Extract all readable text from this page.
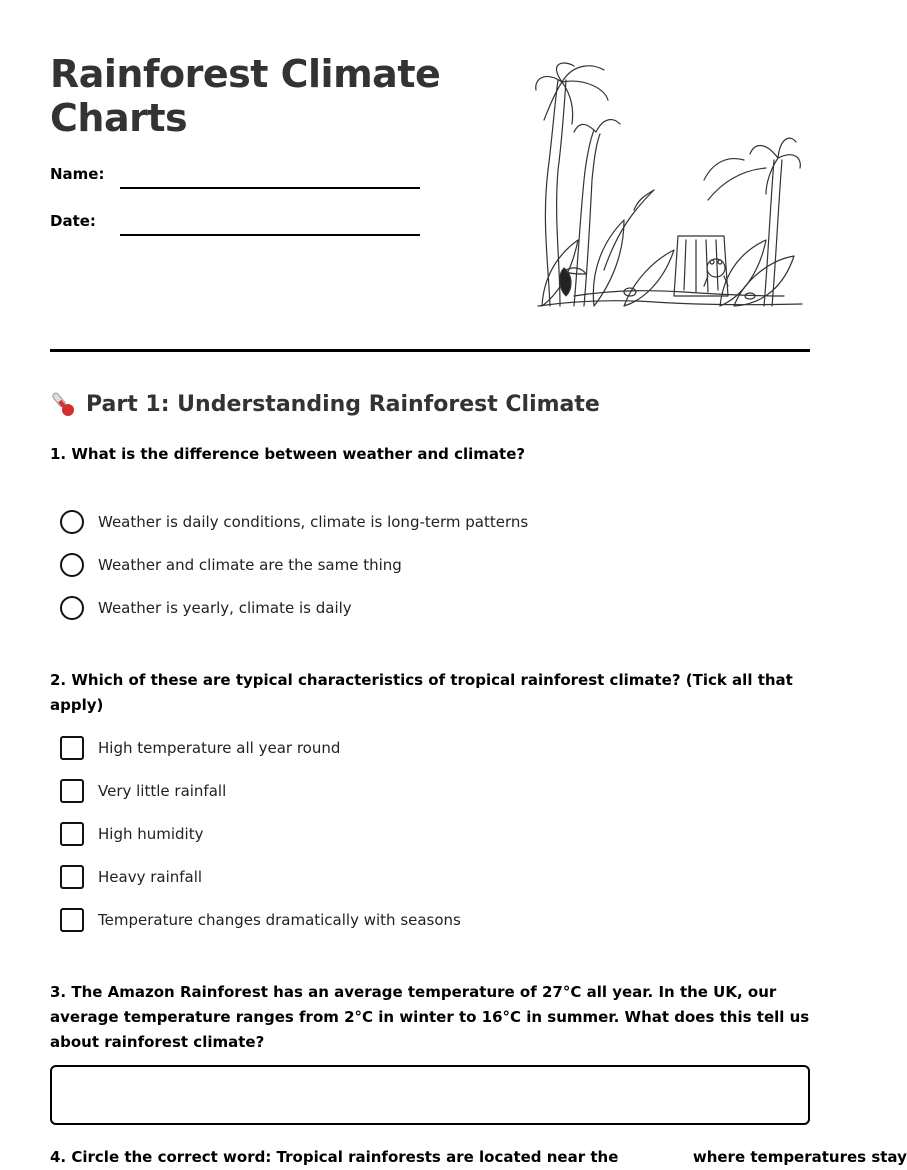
Rainforest Climate Charts
Name:
Date:
Part 1: Understanding Rainforest Climate
1. What is the difference between weather and climate?
Weather is daily conditions, climate is long-term patterns
Weather and climate are the same thing
Weather is yearly, climate is daily
2. Which of these are typical characteristics of tropical rainforest climate? (Tick all that apply)
High temperature all year round
Very little rainfall
High humidity
Heavy rainfall
Temperature changes dramatically with seasons
3. The Amazon Rainforest has an average temperature of 27°C all year. In the UK, our average temperature ranges from 2°C in winter to 16°C in summer. What does this tell us about rainforest climate?
4. Circle the correct word: Tropical rainforests are located near the	where temperatures stay
